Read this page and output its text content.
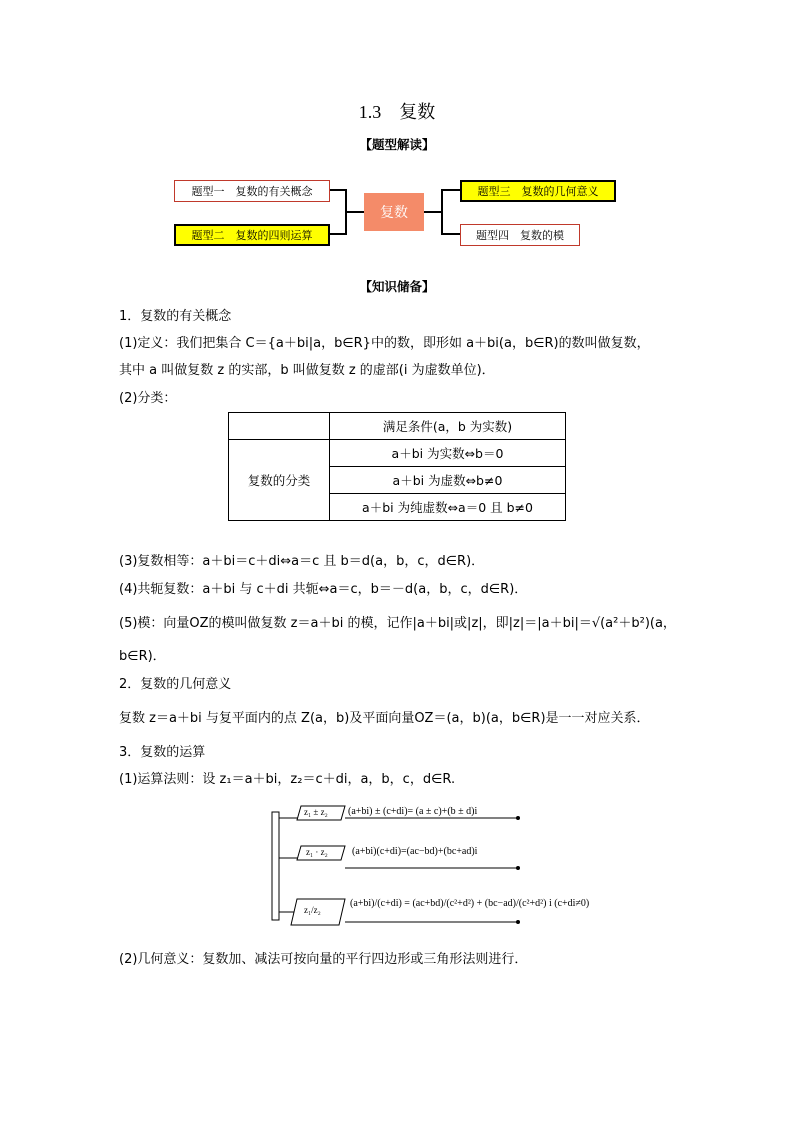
1.3　复数
【题型解读】
题型一　复数的有关概念
题型二　复数的四则运算
复数
题型三　复数的几何意义
题型四　复数的模
【知识储备】
1．复数的有关概念
(1)定义：我们把集合 C＝{a＋bi|a，b∈R}中的数，即形如 a＋bi(a，b∈R)的数叫做复数，
其中 a 叫做复数 z 的实部，b 叫做复数 z 的虚部(i 为虚数单位)．
(2)分类：
	满足条件(a，b 为实数)
复数的分类	a＋bi 为实数⇔b＝0
	a＋bi 为虚数⇔b≠0
	a＋bi 为纯虚数⇔a＝0 且 b≠0
(3)复数相等：a＋bi＝c＋di⇔a＝c 且 b＝d(a，b，c，d∈R)．
(4)共轭复数：a＋bi 与 c＋di 共轭⇔a＝c，b＝－d(a，b，c，d∈R)．
(5)模：向量OZ的模叫做复数 z＝a＋bi 的模，记作|a＋bi|或|z|，即|z|＝|a＋bi|＝√(a²＋b²)(a，
b∈R)．
2．复数的几何意义
复数 z＝a＋bi 与复平面内的点 Z(a，b)及平面向量OZ＝(a，b)(a，b∈R)是一一对应关系．
3．复数的运算
(1)运算法则：设 z₁＝a＋bi，z₂＝c＋di，a，b，c，d∈R.
z₁ ± z₂ (a+bi) ± (c+di)= (a ± c)+(b ± d)i
z₁ · z₂ (a+bi)(c+di)=(ac−bd)+(bc+ad)i
z₁/z₂
(a+bi)/(c+di) = (ac+bd)/(c²+d²) + (bc−ad)/(c²+d²) i (c+di≠0)
(2)几何意义：复数加、减法可按向量的平行四边形或三角形法则进行．
